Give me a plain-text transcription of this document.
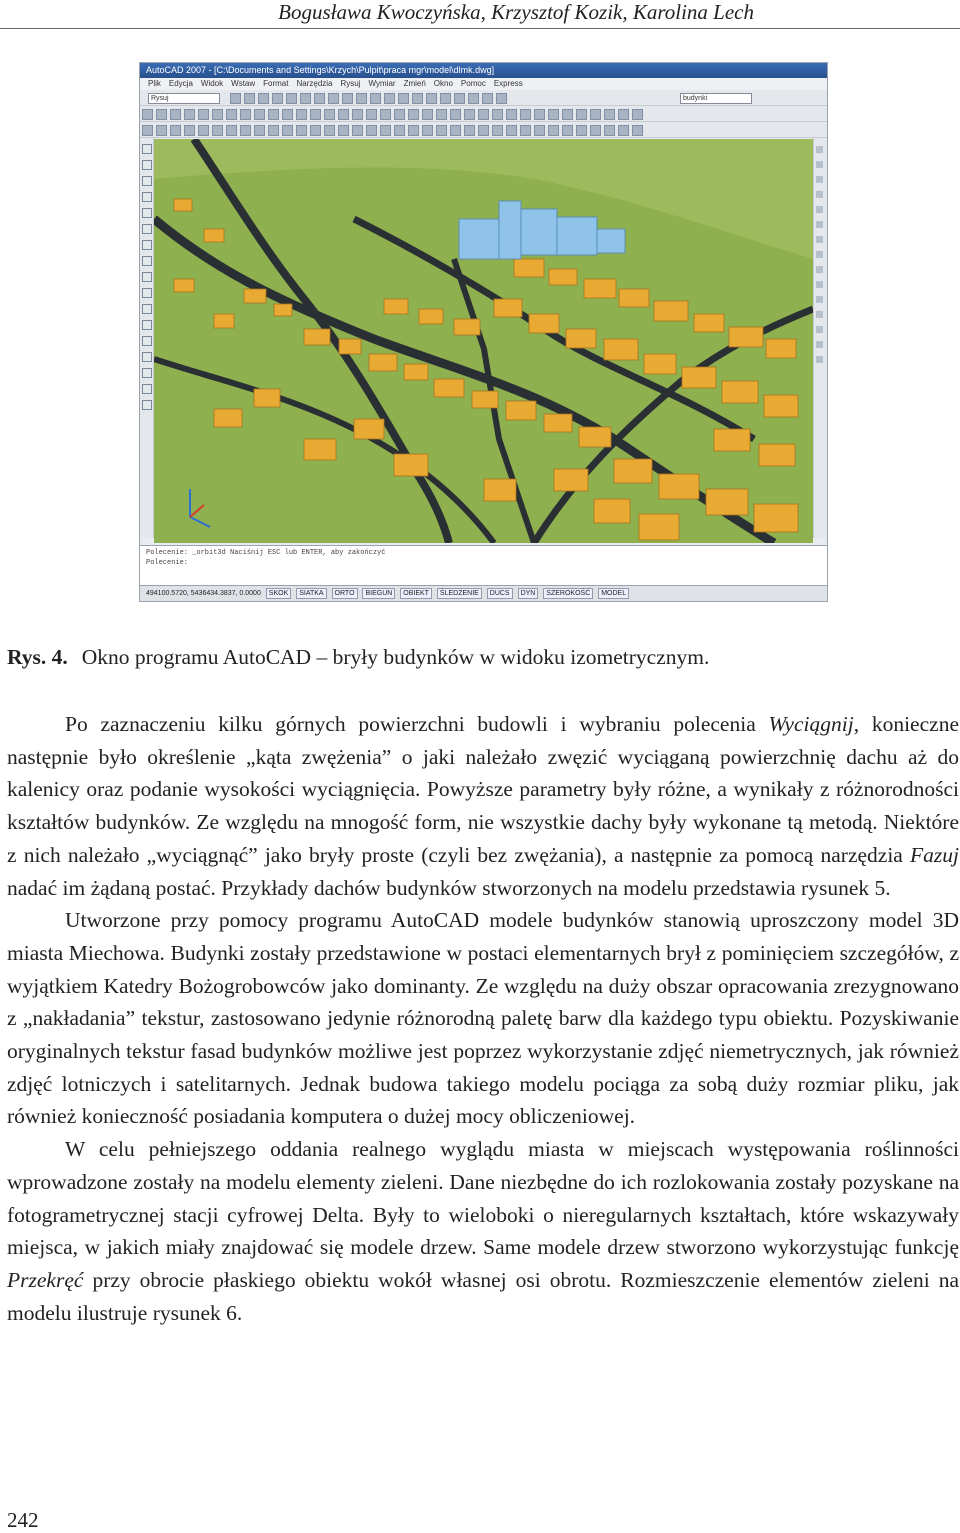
Bogusława Kwoczyńska, Krzysztof Kozik, Karolina Lech
AutoCAD 2007 - [C:\Documents and Settings\Krzych\Pulpit\praca mgr\model\dlmk.dwg]
Plik Edycja Widok Wstaw Format Narzędzia Rysuj Wymiar Zmień Okno Pomoc Express
Rysuj
	budynki
Polecenie: _orbit3d Naciśnij ESC lub ENTER, aby zakończyć
Polecenie:
494100.5720, 5436434.3837, 0.0000 SKOK SIATKA ORTO BIEGUN OBIEKT ŚLEDZENIE DUCS DYN SZEROKOŚĆ MODEL
Rys. 4. Okno programu AutoCAD – bryły budynków w widoku izometrycznym.

Po zaznaczeniu kilku górnych powierzchni budowli i wybraniu polecenia Wyciągnij, konieczne następnie było określenie „kąta zwężenia” o jaki należało zwęzić wyciąganą powierzchnię dachu aż do kalenicy oraz podanie wysokości wyciągnięcia. Powyższe parametry były różne, a wynikały z różnorodności kształtów budynków. Ze względu na mnogość form, nie wszystkie dachy były wykonane tą metodą. Niektóre z nich należało „wyciągnąć” jako bryły proste (czyli bez zwężania), a następnie za pomocą narzędzia Fazuj nadać im żądaną postać. Przykłady dachów budynków stworzonych na modelu przedstawia rysunek 5.

Utworzone przy pomocy programu AutoCAD modele budynków stanowią uproszczony model 3D miasta Miechowa. Budynki zostały przedstawione w postaci elementarnych brył z pominięciem szczegółów, z wyjątkiem Katedry Bożogrobowców jako dominanty. Ze względu na duży obszar opracowania zrezygnowano z „nakładania” tekstur, zastosowano jedynie różnorodną paletę barw dla każdego typu obiektu. Pozyskiwanie oryginalnych tekstur fasad budynków możliwe jest poprzez wykorzystanie zdjęć niemetrycznych, jak również zdjęć lotniczych i satelitarnych. Jednak budowa takiego modelu pociąga za sobą duży rozmiar pliku, jak również konieczność posiadania komputera o dużej mocy obliczeniowej.

W celu pełniejszego oddania realnego wyglądu miasta w miejscach występowania roślinności wprowadzone zostały na modelu elementy zieleni. Dane niezbędne do ich rozlokowania zostały pozyskane na fotogrametrycznej stacji cyfrowej Delta. Były to wieloboki o nieregularnych kształtach, które wskazywały miejsca, w jakich miały znajdować się modele drzew. Same modele drzew stworzono wykorzystując funkcję Przekręć przy obrocie płaskiego obiektu wokół własnej osi obrotu. Rozmieszczenie elementów zieleni na modelu ilustruje rysunek 6.

242
